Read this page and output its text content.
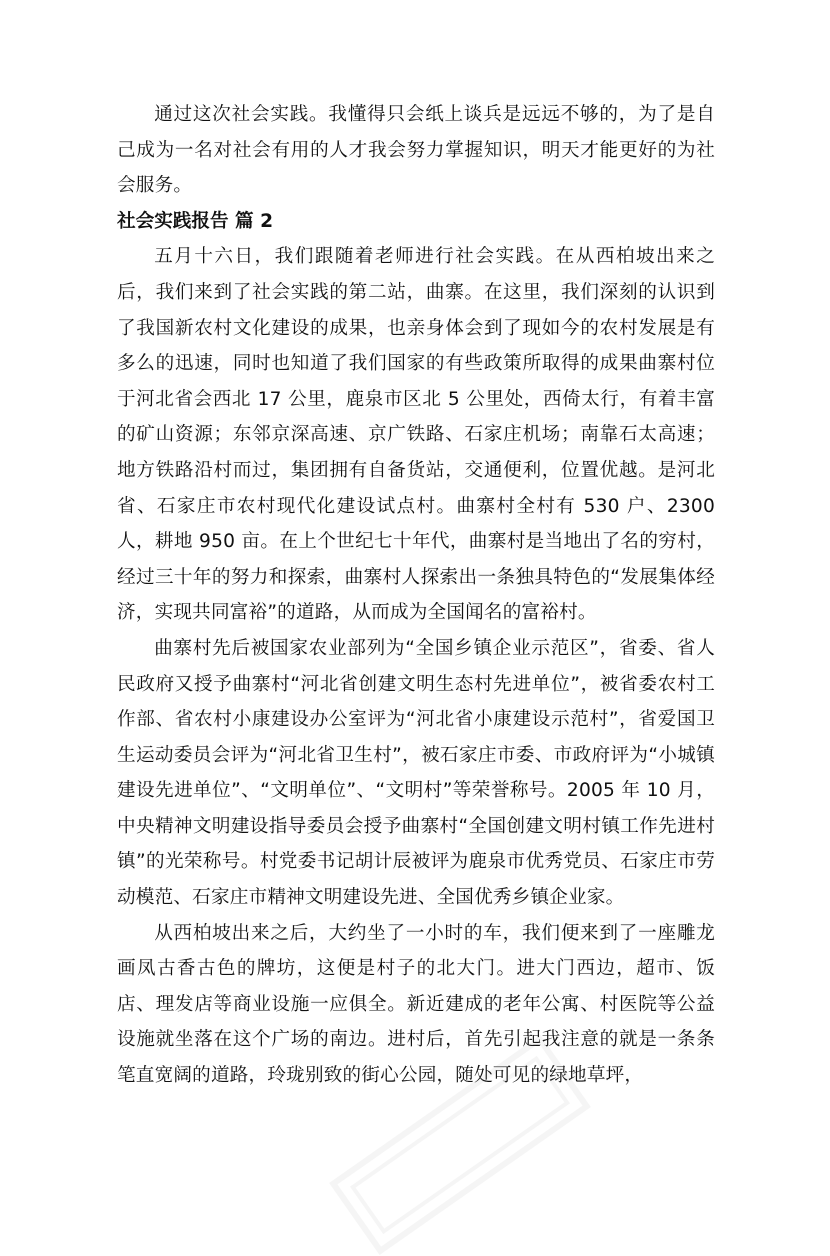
通过这次社会实践。我懂得只会纸上谈兵是远远不够的，为了是自己成为一名对社会有用的人才我会努力掌握知识，明天才能更好的为社会服务。

社会实践报告 篇 2

五月十六日，我们跟随着老师进行社会实践。在从西柏坡出来之后，我们来到了社会实践的第二站，曲寨。在这里，我们深刻的认识到了我国新农村文化建设的成果，也亲身体会到了现如今的农村发展是有多么的迅速，同时也知道了我们国家的有些政策所取得的成果曲寨村位于河北省会西北 17 公里，鹿泉市区北 5 公里处，西倚太行，有着丰富的矿山资源；东邻京深高速、京广铁路、石家庄机场；南靠石太高速；地方铁路沿村而过，集团拥有自备货站，交通便利，位置优越。是河北省、石家庄市农村现代化建设试点村。曲寨村全村有 530 户、2300 人，耕地 950 亩。在上个世纪七十年代，曲寨村是当地出了名的穷村，经过三十年的努力和探索，曲寨村人探索出一条独具特色的“发展集体经济，实现共同富裕”的道路，从而成为全国闻名的富裕村。

曲寨村先后被国家农业部列为“全国乡镇企业示范区”，省委、省人民政府又授予曲寨村“河北省创建文明生态村先进单位”，被省委农村工作部、省农村小康建设办公室评为“河北省小康建设示范村”，省爱国卫生运动委员会评为“河北省卫生村”，被石家庄市委、市政府评为“小城镇建设先进单位”、“文明单位”、“文明村”等荣誉称号。2005 年 10 月，中央精神文明建设指导委员会授予曲寨村“全国创建文明村镇工作先进村镇”的光荣称号。村党委书记胡计辰被评为鹿泉市优秀党员、石家庄市劳动模范、石家庄市精神文明建设先进、全国优秀乡镇企业家。

从西柏坡出来之后，大约坐了一小时的车，我们便来到了一座雕龙画凤古香古色的牌坊，这便是村子的北大门。进大门西边，超市、饭店、理发店等商业设施一应俱全。新近建成的老年公寓、村医院等公益设施就坐落在这个广场的南边。进村后，首先引起我注意的就是一条条笔直宽阔的道路，玲珑别致的街心公园，随处可见的绿地草坪，
